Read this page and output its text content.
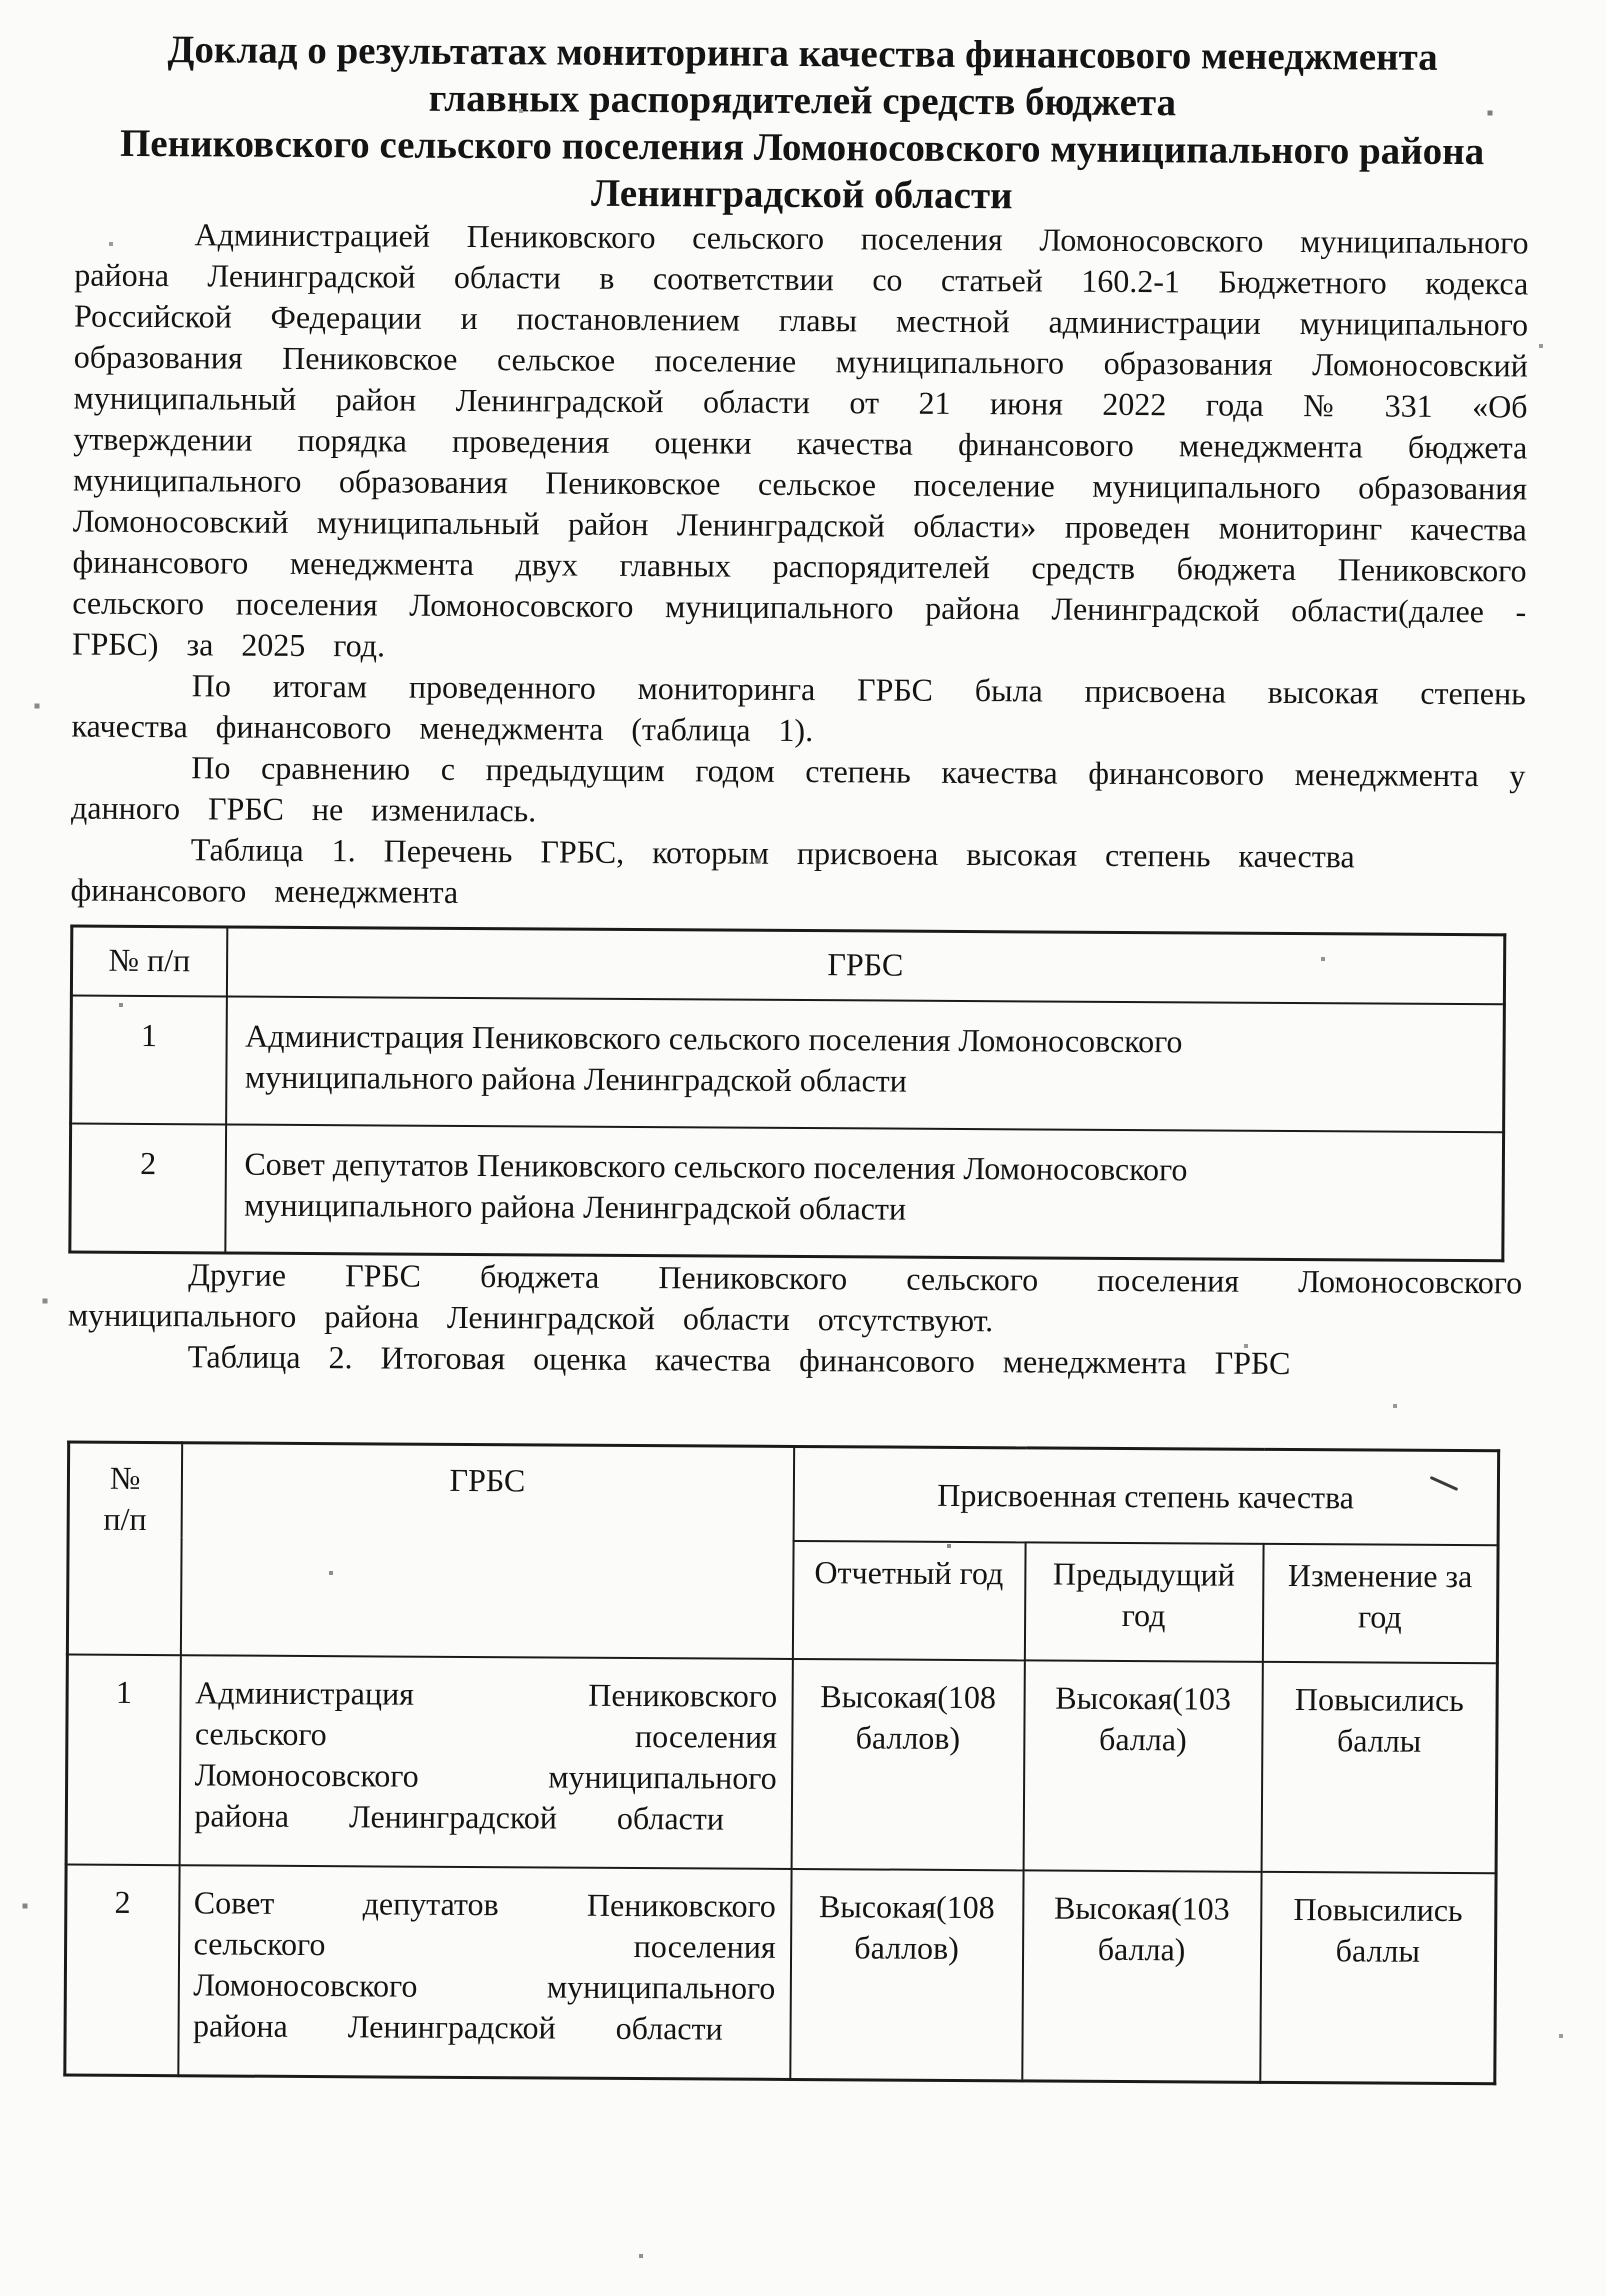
Доклад о результатах мониторинга качества финансового менеджмента
главных распорядителей средств бюджета
Пениковского сельского поселения Ломоносовского муниципального района
Ленинградской области

Администрацией Пениковского сельского поселения Ломоносовского муниципального района Ленинградской области в соответствии со статьей 160.2-1 Бюджетного кодекса Российской Федерации и постановлением главы местной администрации муниципального образования Пениковское сельское поселение муниципального образования Ломоносовский муниципальный район Ленинградской области от 21 июня 2022 года № 331 «Об утверждении порядка проведения оценки качества финансового менеджмента бюджета муниципального образования Пениковское сельское поселение муниципального образования Ломоносовский муниципальный район Ленинградской области» проведен мониторинг качества финансового менеджмента двух главных распорядителей средств бюджета Пениковского сельского поселения Ломоносовского муниципального района Ленинградской области(далее - ГРБС) за 2025 год.

По итогам проведенного мониторинга ГРБС была присвоена высокая степень качества финансового менеджмента (таблица 1).

По сравнению с предыдущим годом степень качества финансового менеджмента у данного ГРБС не изменилась.

Таблица 1. Перечень ГРБС, которым присвоена высокая степень качества финансового менеджмента

№ п/п	ГРБС
1	Администрация Пениковского сельского поселения Ломоносовского муниципального района Ленинградской области
2	Совет депутатов Пениковского сельского поселения Ломоносовского муниципального района Ленинградской области

Другие ГРБС бюджета Пениковского сельского поселения Ломоносовского муниципального района Ленинградской области отсутствуют.

Таблица 2. Итоговая оценка качества финансового менеджмента ГРБС

№
п/п	ГРБС	Присвоенная степень качества		

		Отчетный год	Предыдущий год	Изменение за год
1	Администрация Пениковского сельского поселения Ломоносовского муниципального района Ленинградской области	Высокая(108 баллов)	Высокая(103 балла)	Повысились баллы
2	Совет депутатов Пениковского сельского поселения Ломоносовского муниципального района Ленинградской области	Высокая(108 баллов)	Высокая(103 балла)	Повысились баллы
